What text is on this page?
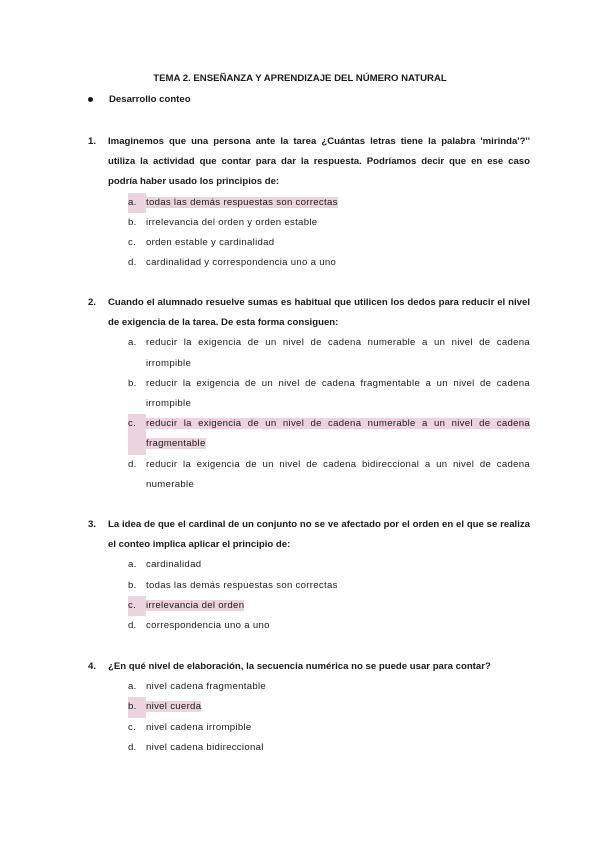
TEMA 2. ENSEÑANZA Y APRENDIZAJE DEL NÚMERO NATURAL
Desarrollo conteo
1.	Imaginemos que una persona ante la tarea ¿Cuántas letras tiene la palabra 'mirinda'?'' utiliza la actividad que contar para dar la respuesta. Podríamos decir que en ese caso podría haber usado los principios de:
a. todas las demás respuestas son correctas
b. irrelevancia del orden y orden estable
c.	orden estable y cardinalidad
d. cardinalidad y correspondencia uno a uno
2.	Cuando el alumnado resuelve sumas es habitual que utilicen los dedos para reducir el nivel de exigencia de la tarea. De esta forma consiguen:
a. reducir la exigencia de un nivel de cadena numerable a un nivel de cadena irrompible
b. reducir la exigencia de un nivel de cadena fragmentable a un nivel de cadena irrompible
c.	reducir la exigencia de un nivel de cadena numerable a un nivel de cadena fragmentable
d. reducir la exigencia de un nivel de cadena bidireccional a un nivel de cadena numerable
3.	La idea de que el cardinal de un conjunto no se ve afectado por el orden en el que se realiza el conteo implica aplicar el principio de:
a. cardinalidad
b. todas las demás respuestas son correctas
c.	irrelevancia del orden
d. correspondencia uno a uno
4.	¿En qué nivel de elaboración, la secuencia numérica no se puede usar para contar?
a. nivel cadena fragmentable
b. nivel cuerda
c.	nivel cadena irrompible
d. nivel cadena bidireccional
